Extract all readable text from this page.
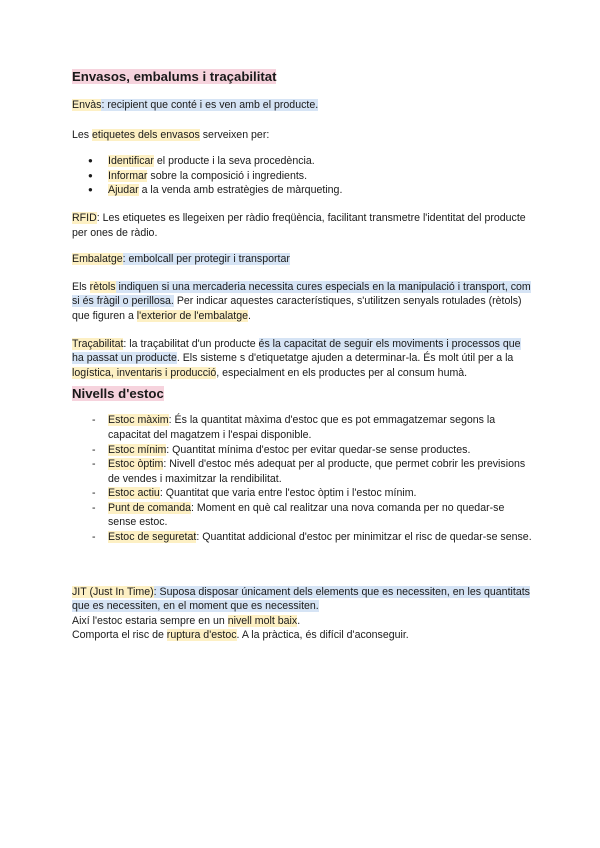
Envasos, embalums i traçabilitat

Envàs: recipient que conté i es ven amb el producte.

Les etiquetes dels envasos serveixen per:

● Identificar el producte i la seva procedència.
● Informar sobre la composició i ingredients.
● Ajudar a la venda amb estratègies de màrqueting.

RFID: Les etiquetes es llegeixen per ràdio freqüència, facilitant transmetre l'identitat del producte per ones de ràdio.

Embalatge: embolcall per protegir i transportar

Els rètols indiquen si una mercaderia necessita cures especials en la manipulació i transport, com si és fràgil o perillosa. Per indicar aquestes característiques, s'utilitzen senyals rotulades (rètols) que figuren a l'exterior de l'embalatge.

Traçabilitat: la traçabilitat d'un producte és la capacitat de seguir els moviments i processos que ha passat un producte. Els sisteme s d'etiquetatge ajuden a determinar-la. És molt útil per a la logística, inventaris i producció, especialment en els productes per al consum humà.

Nivells d'estoc
- Estoc màxim: És la quantitat màxima d'estoc que es pot emmagatzemar segons la capacitat del magatzem i l'espai disponible.
- Estoc mínim: Quantitat mínima d'estoc per evitar quedar-se sense productes.
- Estoc òptim: Nivell d'estoc més adequat per al producte, que permet cobrir les previsions de vendes i maximitzar la rendibilitat.
- Estoc actiu: Quantitat que varia entre l'estoc òptim i l'estoc mínim.
- Punt de comanda: Moment en què cal realitzar una nova comanda per no quedar-se sense estoc.
- Estoc de seguretat: Quantitat addicional d'estoc per minimitzar el risc de quedar-se sense.

JIT (Just In Time): Suposa disposar únicament dels elements que es necessiten, en les quantitats que es necessiten, en el moment que es necessiten.

Així l'estoc estaria sempre en un nivell molt baix.

Comporta el risc de ruptura d'estoc. A la pràctica, és difícil d'aconseguir.
